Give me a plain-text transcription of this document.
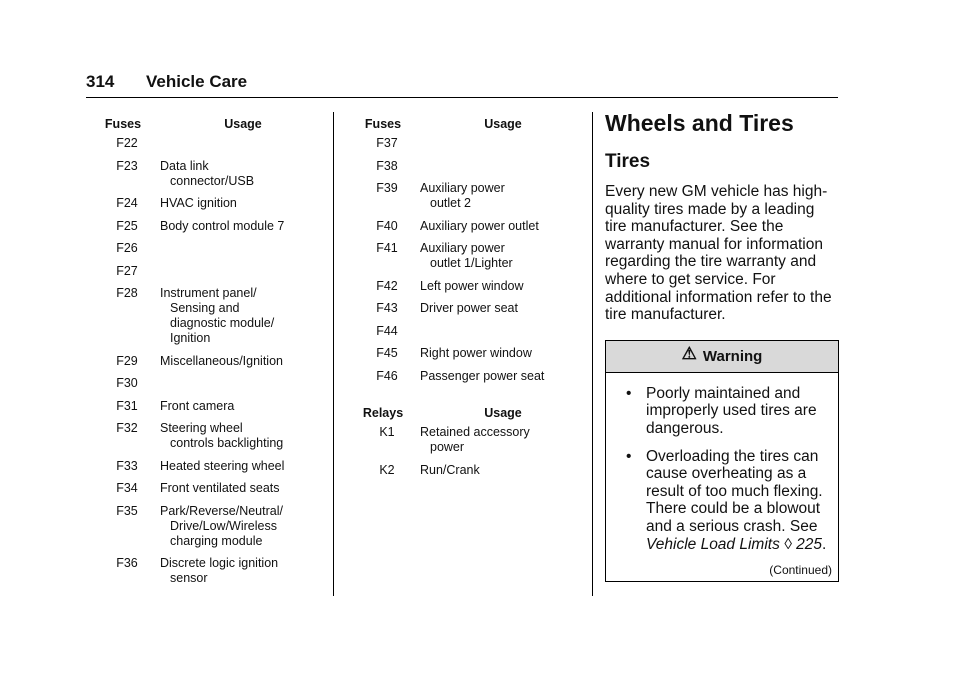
314 Vehicle Care
Fuses	Usage
F22
F23	Data link
connector/USB
F24	HVAC ignition
F25	Body control module 7
F26
F27
F28	Instrument panel/
Sensing and
diagnostic module/
Ignition
F29	Miscellaneous/Ignition
F30
F31	Front camera
F32	Steering wheel
controls backlighting
F33	Heated steering wheel
F34	Front ventilated seats
F35	Park/Reverse/Neutral/
Drive/Low/Wireless
charging module
F36	Discrete logic ignition
sensor
Fuses	Usage
F37
F38
F39	Auxiliary power
outlet 2
F40	Auxiliary power outlet
F41	Auxiliary power
outlet 1/Lighter
F42	Left power window
F43	Driver power seat
F44
F45	Right power window
F46	Passenger power seat
Relays	Usage
K1	Retained accessory
power
K2	Run/Crank
Wheels and Tires
Tires
Every new GM vehicle has high-quality tires made by a leading tire manufacturer. See the warranty manual for information regarding the tire warranty and where to get service. For additional information refer to the tire manufacturer.
⚠ Warning
• Poorly maintained and improperly used tires are dangerous.
• Overloading the tires can cause overheating as a result of too much flexing. There could be a blowout and a serious crash. See Vehicle Load Limits ◊ 225.
(Continued)
